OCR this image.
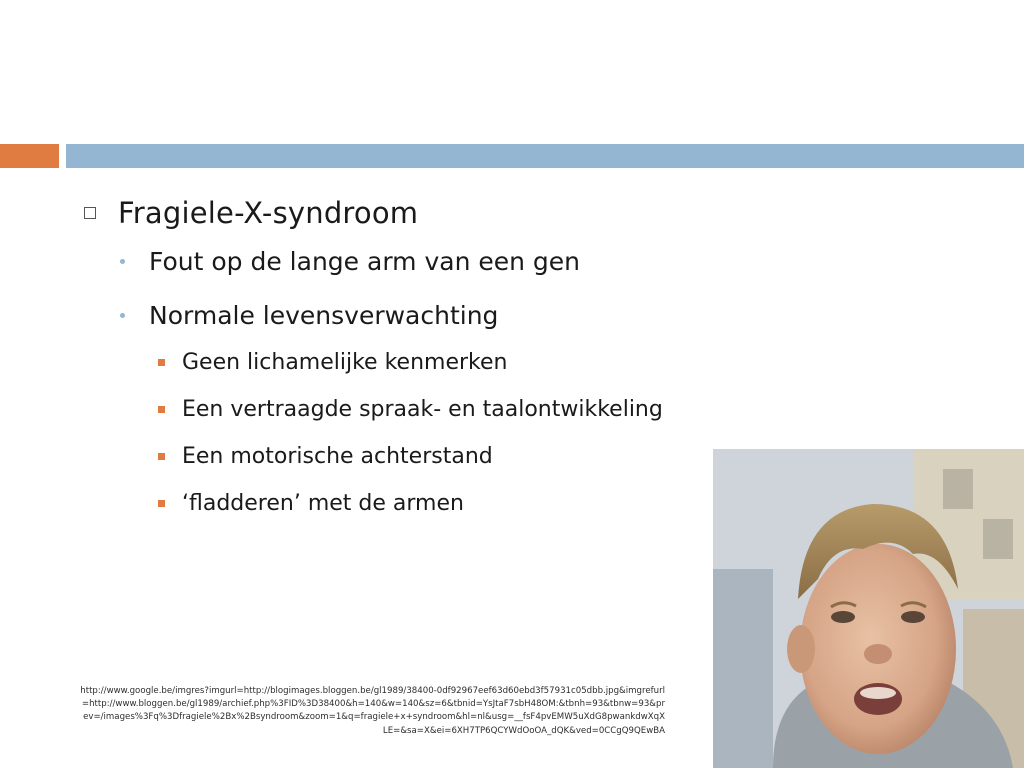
Fragiele-X-syndroom
Fout op de lange arm van een gen
Normale levensverwachting
Geen lichamelijke kenmerken
Een vertraagde spraak- en taalontwikkeling
Een motorische achterstand
‘fladderen’ met de armen
http://www.google.be/imgres?imgurl=http://blogimages.bloggen.be/gl1989/38400-0df92967eef63d60ebd3f57931c05dbb.jpg&imgrefurl=http://www.bloggen.be/gl1989/archief.php%3FID%3D38400&h=140&w=140&sz=6&tbnid=YsJtaF7sbH48OM:&tbnh=93&tbnw=93&prev=/images%3Fq%3Dfragiele%2Bx%2Bsyndroom&zoom=1&q=fragiele+x+syndroom&hl=nl&usg=__fsF4pvEMW5uXdG8pwankdwXqXLE=&sa=X&ei=6XH7TP6QCYWdOoOA_dQK&ved=0CCgQ9QEwBA
